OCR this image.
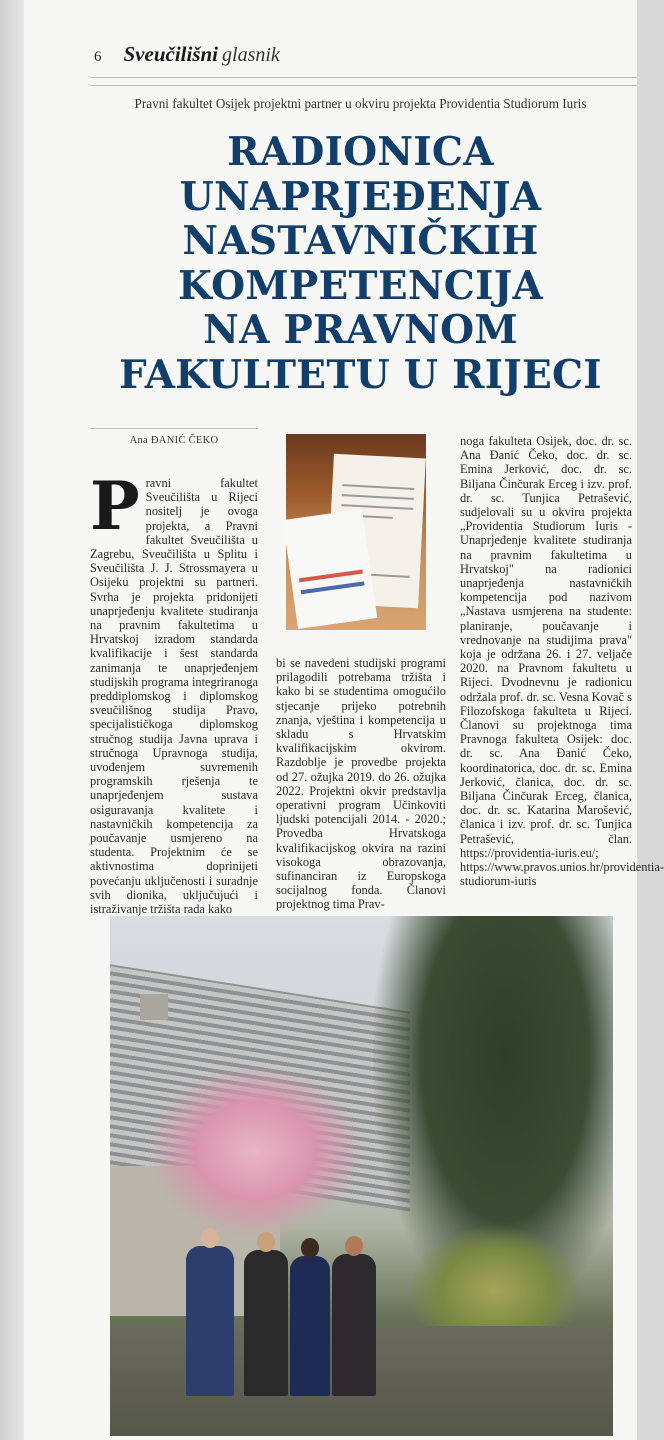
6 Sveučilišni glasnik
Pravni fakultet Osijek projektni partner u okviru projekta Providentia Studiorum Iuris
RADIONICA
UNAPRJEĐENJA
NASTAVNIČKIH
KOMPETENCIJA
NA PRAVNOM
FAKULTETU U RIJECI
Ana ĐANIĆ ČEKO
P ravni fakultet Sveučilišta u Rijeci nositelj je ovoga projekta, a Pravni fakultet Sveučilišta u Zagrebu, Sveučilišta u Splitu i Sveučilišta J. J. Strossmayera u Osijeku projektni su partneri. Svrha je projekta pridonijeti unaprjeđenju kvalitete studiranja na pravnim fakultetima u Hrvatskoj izradom standarda kvalifikacije i šest standarda zanimanja te unaprjeđenjem studijskih programa integriranoga preddiplomskog i diplomskog sveučilišnog studija Pravo, specijalističkoga diplomskog stručnog studija Javna uprava i stručnoga Upravnoga studija, uvođenjem suvremenih programskih rješenja te unaprjeđenjem sustava osiguravanja kvalitete i nastavničkih kompetencija za poučavanje usmjereno na studenta. Projektnim će se aktivnostima doprinijeti povećanju uključenosti i suradnje svih dionika, uključujući i istraživanje tržišta rada kako

bi se navedeni studijski programi prilagodili potrebama tržišta i kako bi se studentima omogućilo stjecanje prijeko potrebnih znanja, vještina i kompetencija u skladu s Hrvatskim kvalifikacijskim okvirom. Razdoblje je provedbe projekta od 27. ožujka 2019. do 26. ožujka 2022. Projektni okvir predstavlja operativni program Učinkoviti ljudski potencijali 2014. - 2020.; Provedba Hrvatskoga kvalifikacijskog okvira na razini visokoga obrazovanja, sufinanciran iz Europskoga socijalnog fonda. Članovi projektnog tima Prav-

noga fakulteta Osijek, doc. dr. sc. Ana Đanić Čeko, doc. dr. sc. Emina Jerković, doc. dr. sc. Biljana Činčurak Erceg i izv. prof. dr. sc. Tunjica Petrašević, sudjelovali su u okviru projekta „Providentia Studiorum Iuris - Unaprjeđenje kvalitete studiranja na pravnim fakultetima u Hrvatskoj" na radionici unaprjeđenja nastavničkih kompetencija pod nazivom „Nastava usmjerena na studente: planiranje, poučavanje i vrednovanje na studijima prava" koja je održana 26. i 27. veljače 2020. na Pravnom fakultetu u Rijeci. Dvodnevnu je radionicu održala prof. dr. sc. Vesna Kovač s Filozofskoga fakulteta u Rijeci. Članovi su projektnoga tima Pravnoga fakulteta Osijek: doc. dr. sc. Ana Đanić Čeko, koordinatorica, doc. dr. sc. Emina Jerković, članica, doc. dr. sc. Biljana Činčurak Erceg, članica, doc. dr. sc. Katarina Marošević, članica i izv. prof. dr. sc. Tunjica Petrašević, član. https://providentia-iuris.eu/; https://www.pravos.unios.hr/providentia-studiorum-iuris
